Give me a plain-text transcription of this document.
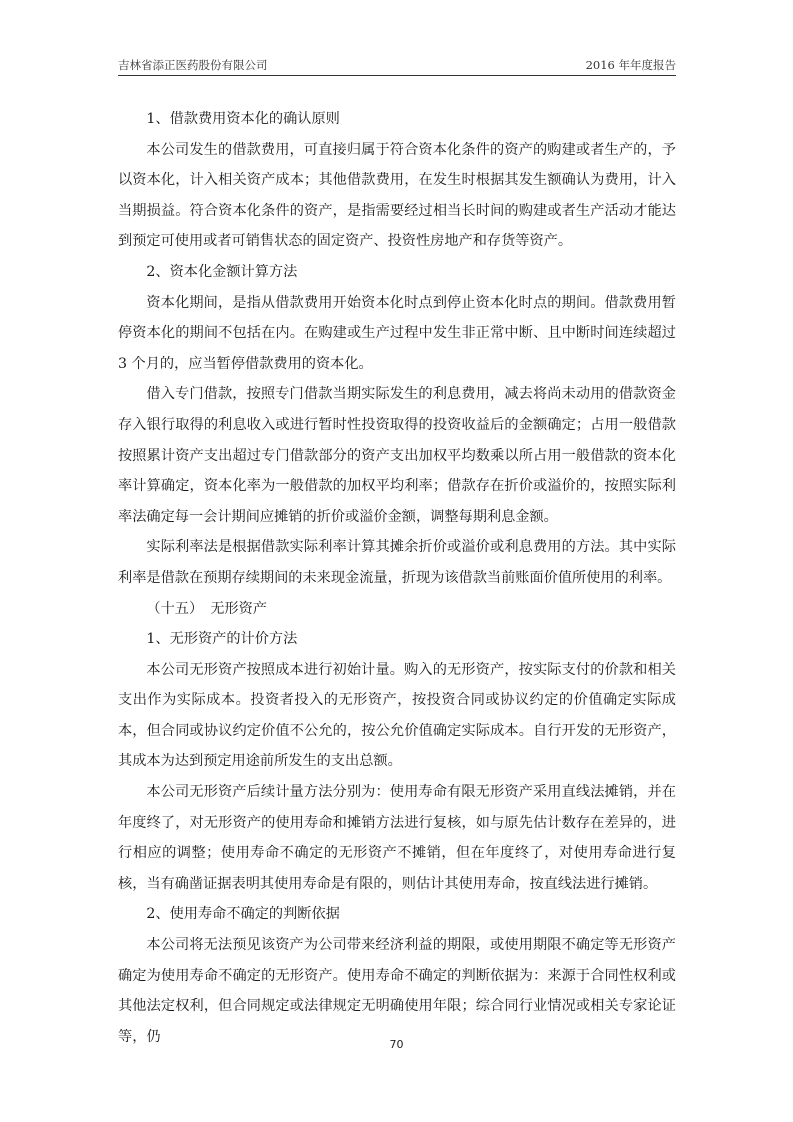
吉林省添正医药股份有限公司	2016 年年度报告

1、借款费用资本化的确认原则

本公司发生的借款费用，可直接归属于符合资本化条件的资产的购建或者生产的，予以资本化，计入相关资产成本；其他借款费用，在发生时根据其发生额确认为费用，计入当期损益。符合资本化条件的资产，是指需要经过相当长时间的购建或者生产活动才能达到预定可使用或者可销售状态的固定资产、投资性房地产和存货等资产。

2、资本化金额计算方法

资本化期间，是指从借款费用开始资本化时点到停止资本化时点的期间。借款费用暂停资本化的期间不包括在内。在购建或生产过程中发生非正常中断、且中断时间连续超过 3 个月的，应当暂停借款费用的资本化。

借入专门借款，按照专门借款当期实际发生的利息费用，减去将尚未动用的借款资金存入银行取得的利息收入或进行暂时性投资取得的投资收益后的金额确定；占用一般借款按照累计资产支出超过专门借款部分的资产支出加权平均数乘以所占用一般借款的资本化率计算确定，资本化率为一般借款的加权平均利率；借款存在折价或溢价的，按照实际利率法确定每一会计期间应摊销的折价或溢价金额，调整每期利息金额。

实际利率法是根据借款实际利率计算其摊余折价或溢价或利息费用的方法。其中实际利率是借款在预期存续期间的未来现金流量，折现为该借款当前账面价值所使用的利率。

（十五）　无形资产

1、无形资产的计价方法

本公司无形资产按照成本进行初始计量。购入的无形资产，按实际支付的价款和相关支出作为实际成本。投资者投入的无形资产，按投资合同或协议约定的价值确定实际成本，但合同或协议约定价值不公允的，按公允价值确定实际成本。自行开发的无形资产，其成本为达到预定用途前所发生的支出总额。

本公司无形资产后续计量方法分别为：使用寿命有限无形资产采用直线法摊销，并在年度终了，对无形资产的使用寿命和摊销方法进行复核，如与原先估计数存在差异的，进行相应的调整；使用寿命不确定的无形资产不摊销，但在年度终了，对使用寿命进行复核，当有确凿证据表明其使用寿命是有限的，则估计其使用寿命，按直线法进行摊销。

2、使用寿命不确定的判断依据

本公司将无法预见该资产为公司带来经济利益的期限，或使用期限不确定等无形资产确定为使用寿命不确定的无形资产。使用寿命不确定的判断依据为：来源于合同性权利或其他法定权利，但合同规定或法律规定无明确使用年限；综合同行业情况或相关专家论证等，仍	70
